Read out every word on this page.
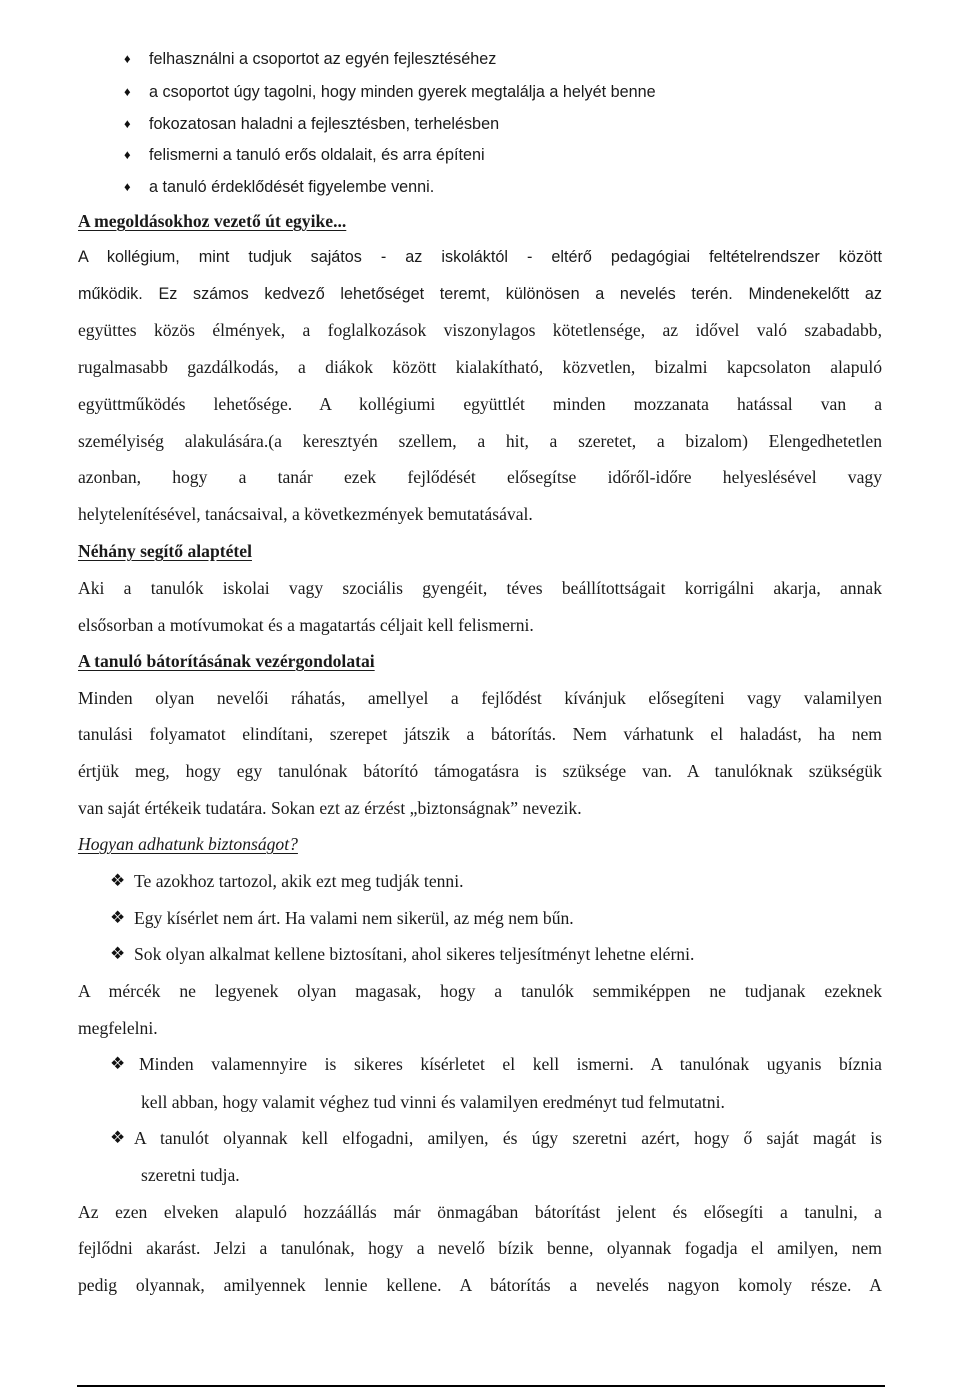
♦ felhasználni a csoportot az egyén fejlesztéséhez

♦ a csoportot úgy tagolni, hogy minden gyerek megtalálja a helyét benne

♦ fokozatosan haladni a fejlesztésben, terhelésben

♦ felismerni a tanuló erős oldalait, és arra építeni

♦ a tanuló érdeklődését figyelembe venni.

A megoldásokhoz vezető út egyike...

A kollégium, mint tudjuk sajátos - az iskoláktól - eltérő pedagógiai feltételrendszer között

működik. Ez számos kedvező lehetőséget teremt, különösen a nevelés terén. Mindenekelőtt az

együttes közös élmények, a foglalkozások viszonylagos kötetlensége, az idővel való szabadabb,

rugalmasabb gazdálkodás, a diákok között kialakítható, közvetlen, bizalmi kapcsolaton alapuló

együttműködés lehetősége. A kollégiumi együttlét minden mozzanata hatással van a

személyiség alakulására.(a keresztyén szellem, a hit, a szeretet, a bizalom) Elengedhetetlen

azonban, hogy a tanár ezek fejlődését elősegítse időről-időre helyeslésével vagy

helytelenítésével, tanácsaival, a következmények bemutatásával.

Néhány segítő alaptétel

Aki a tanulók iskolai vagy szociális gyengéit, téves beállítottságait korrigálni akarja, annak

elsősorban a motívumokat és a magatartás céljait kell felismerni.

A tanuló bátorításának vezérgondolatai

Minden olyan nevelői ráhatás, amellyel a fejlődést kívánjuk elősegíteni vagy valamilyen

tanulási folyamatot elindítani, szerepet játszik a bátorítás. Nem várhatunk el haladást, ha nem

értjük meg, hogy egy tanulónak bátorító támogatásra is szüksége van. A tanulóknak szükségük

van saját értékeik tudatára. Sokan ezt az érzést „biztonságnak” nevezik.

Hogyan adhatunk biztonságot?

❖ Te azokhoz tartozol, akik ezt meg tudják tenni.

❖ Egy kísérlet nem árt. Ha valami nem sikerül, az még nem bűn.

❖ Sok olyan alkalmat kellene biztosítani, ahol sikeres teljesítményt lehetne elérni.

A mércék ne legyenek olyan magasak, hogy a tanulók semmiképpen ne tudjanak ezeknek

megfelelni.

❖ Minden valamennyire is sikeres kísérletet el kell ismerni. A tanulónak ugyanis bíznia

kell abban, hogy valamit véghez tud vinni és valamilyen eredményt tud felmutatni.

❖ A tanulót olyannak kell elfogadni, amilyen, és úgy szeretni azért, hogy ő saját magát is

szeretni tudja.

Az ezen elveken alapuló hozzáállás már önmagában bátorítást jelent és elősegíti a tanulni, a

fejlődni akarást. Jelzi a tanulónak, hogy a nevelő bízik benne, olyannak fogadja el amilyen, nem

pedig olyannak, amilyennek lennie kellene. A bátorítás a nevelés nagyon komoly része. A
